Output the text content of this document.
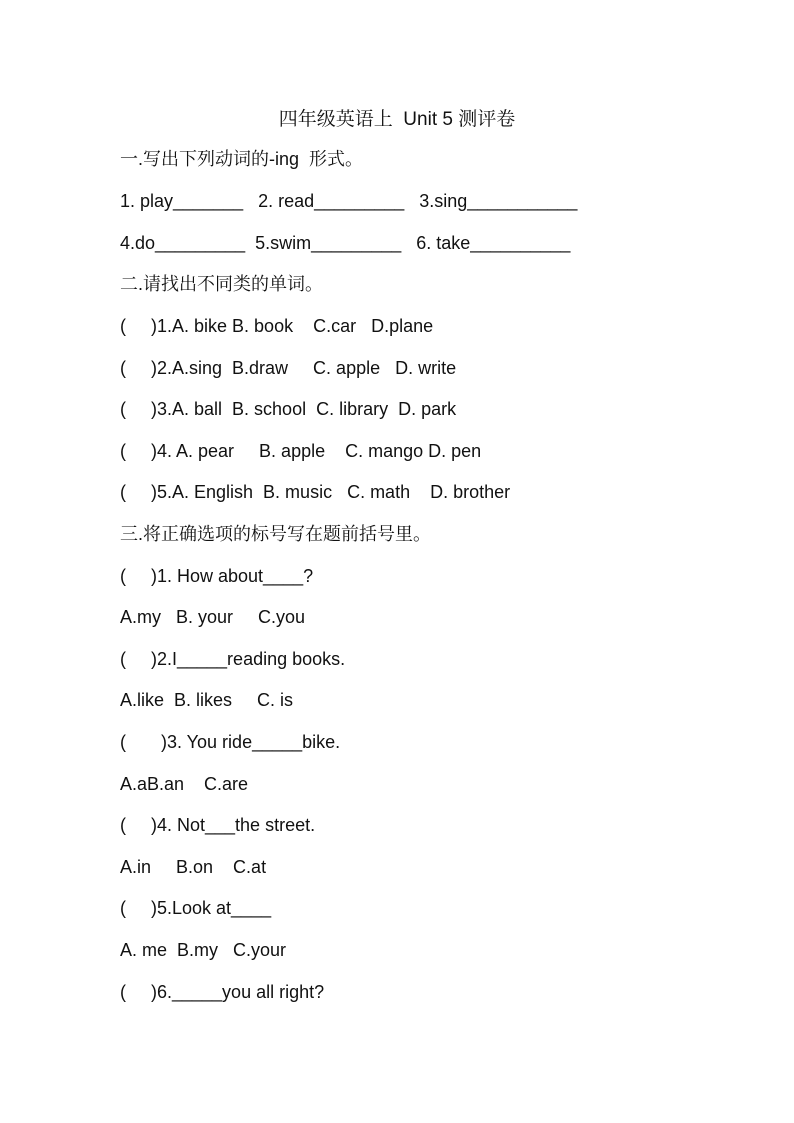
四年级英语上  Unit 5 测评卷
一.写出下列动词的-ing  形式。
1. play_______   2. read_________   3.sing___________
4.do_________  5.swim_________   6. take__________
二.请找出不同类的单词。
(     )1.A. bike B. book    C.car   D.plane
(     )2.A.sing  B.draw     C. apple   D. write
(     )3.A. ball  B. school  C. library  D. park
(     )4. A. pear     B. apple    C. mango D. pen
(     )5.A. English  B. music   C. math    D. brother
三.将正确选项的标号写在题前括号里。
(     )1. How about____?
A.my   B. your     C.you
(     )2.I_____reading books.
A.like  B. likes     C. is
(       )3. You ride_____bike.
A.aB.an    C.are
(     )4. Not___the street.
A.in     B.on    C.at
(     )5.Look at____
A. me  B.my   C.your
(     )6._____you all right?
